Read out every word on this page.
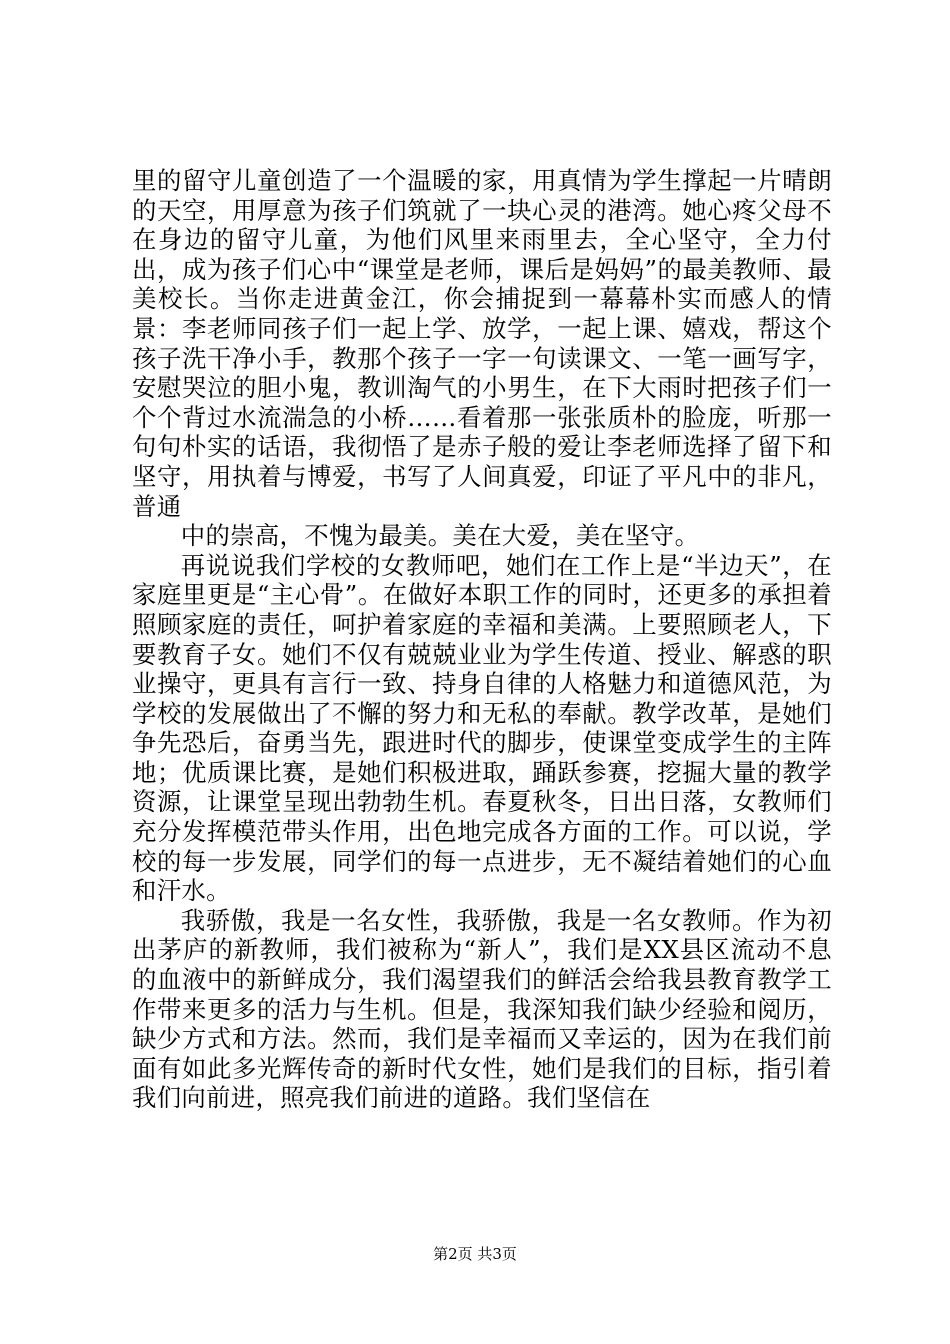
里的留守儿童创造了一个温暖的家，用真情为学生撑起一片晴朗的天空，用厚意为孩子们筑就了一块心灵的港湾。她心疼父母不在身边的留守儿童，为他们风里来雨里去，全心坚守，全力付出，成为孩子们心中“课堂是老师，课后是妈妈”的最美教师、最美校长。当你走进黄金江，你会捕捉到一幕幕朴实而感人的情景：李老师同孩子们一起上学、放学，一起上课、嬉戏，帮这个孩子洗干净小手，教那个孩子一字一句读课文、一笔一画写字，安慰哭泣的胆小鬼，教训淘气的小男生，在下大雨时把孩子们一个个背过水流湍急的小桥……看着那一张张质朴的脸庞，听那一句句朴实的话语，我彻悟了是赤子般的爱让李老师选择了留下和坚守，用执着与博爱，书写了人间真爱，印证了平凡中的非凡，普通

中的崇高，不愧为最美。美在大爱，美在坚守。

再说说我们学校的女教师吧，她们在工作上是“半边天”，在家庭里更是“主心骨”。在做好本职工作的同时，还更多的承担着照顾家庭的责任，呵护着家庭的幸福和美满。上要照顾老人，下要教育子女。她们不仅有兢兢业业为学生传道、授业、解惑的职业操守，更具有言行一致、持身自律的人格魅力和道德风范，为学校的发展做出了不懈的努力和无私的奉献。教学改革，是她们争先恐后，奋勇当先，跟进时代的脚步，使课堂变成学生的主阵地；优质课比赛，是她们积极进取，踊跃参赛，挖掘大量的教学资源，让课堂呈现出勃勃生机。春夏秋冬，日出日落，女教师们充分发挥模范带头作用，出色地完成各方面的工作。可以说，学校的每一步发展，同学们的每一点进步，无不凝结着她们的心血和汗水。

我骄傲，我是一名女性，我骄傲，我是一名女教师。作为初出茅庐的新教师，我们被称为“新人”，我们是XX县区流动不息的血液中的新鲜成分，我们渴望我们的鲜活会给我县教育教学工作带来更多的活力与生机。但是，我深知我们缺少经验和阅历，缺少方式和方法。然而，我们是幸福而又幸运的，因为在我们前面有如此多光辉传奇的新时代女性，她们是我们的目标，指引着我们向前进，照亮我们前进的道路。我们坚信在

第2页 共3页
